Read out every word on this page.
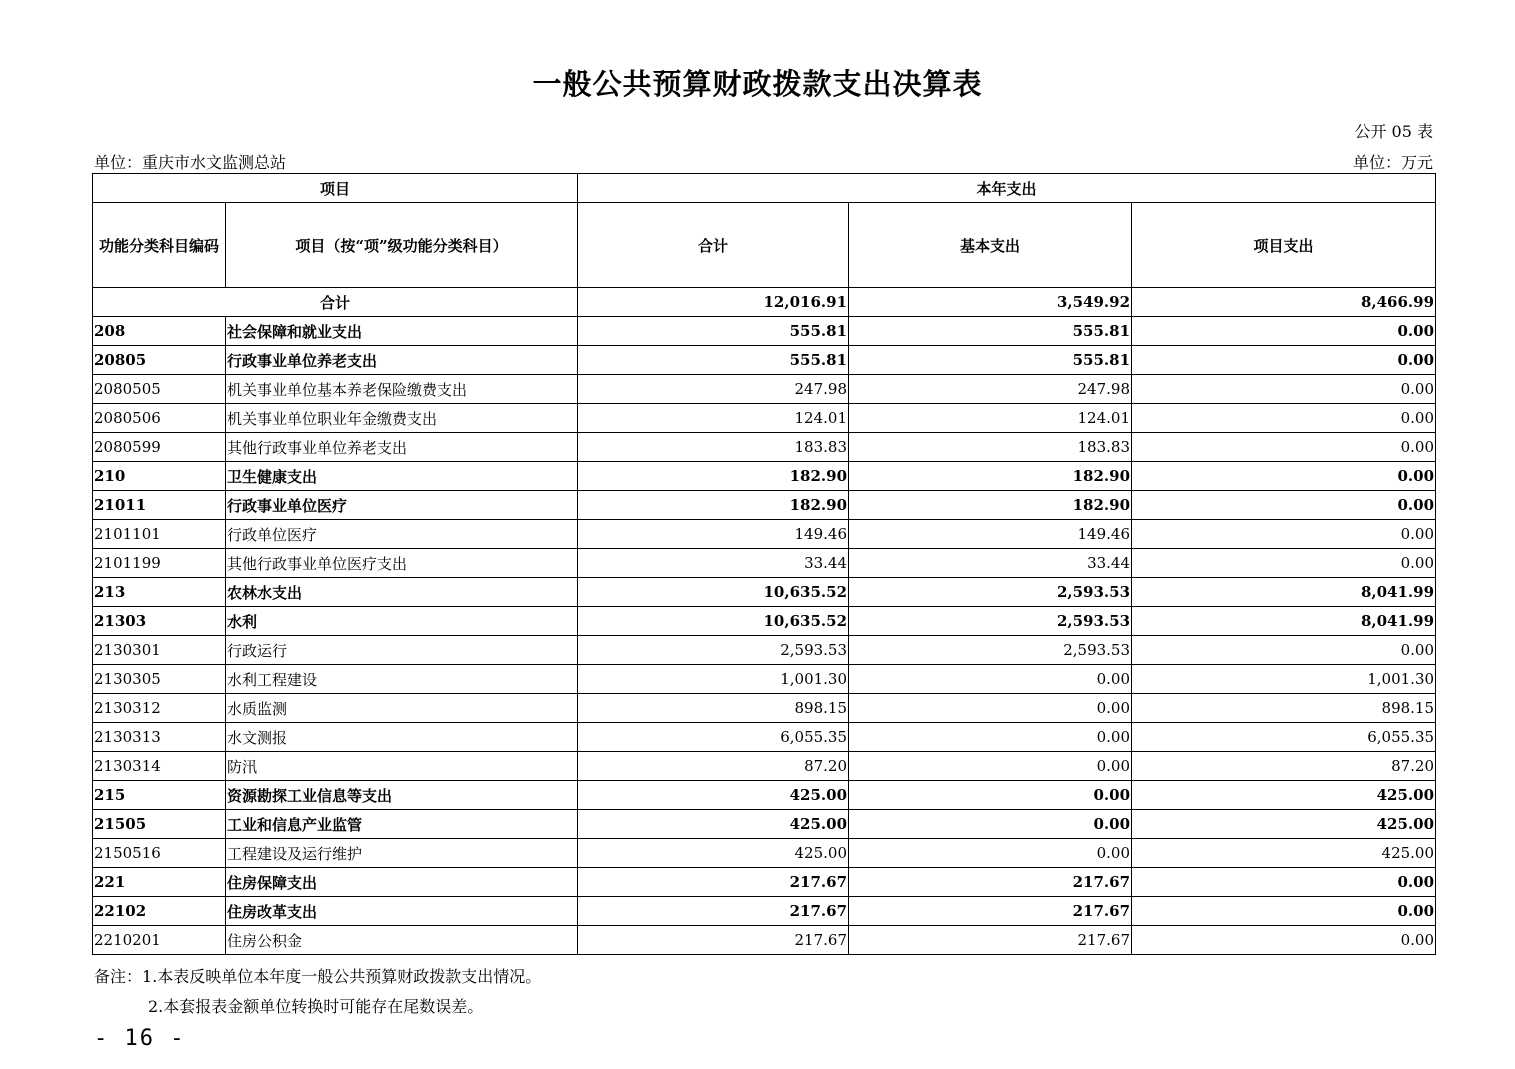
一般公共预算财政拨款支出决算表
公开 05 表
单位：重庆市水文监测总站	单位：万元
项目		本年支出		
功能分类科目编码	项目（按“项”级功能分类科目）	合计	基本支出	项目支出
合计		12,016.91	3,549.92	8,466.99
208	社会保障和就业支出	555.81	555.81	0.00
20805	行政事业单位养老支出	555.81	555.81	0.00
2080505	机关事业单位基本养老保险缴费支出	247.98	247.98	0.00
2080506	机关事业单位职业年金缴费支出	124.01	124.01	0.00
2080599	其他行政事业单位养老支出	183.83	183.83	0.00
210	卫生健康支出	182.90	182.90	0.00
21011	行政事业单位医疗	182.90	182.90	0.00
2101101	行政单位医疗	149.46	149.46	0.00
2101199	其他行政事业单位医疗支出	33.44	33.44	0.00
213	农林水支出	10,635.52	2,593.53	8,041.99
21303	水利	10,635.52	2,593.53	8,041.99
2130301	行政运行	2,593.53	2,593.53	0.00
2130305	水利工程建设	1,001.30	0.00	1,001.30
2130312	水质监测	898.15	0.00	898.15
2130313	水文测报	6,055.35	0.00	6,055.35
2130314	防汛	87.20	0.00	87.20
215	资源勘探工业信息等支出	425.00	0.00	425.00
21505	工业和信息产业监管	425.00	0.00	425.00
2150516	工程建设及运行维护	425.00	0.00	425.00
221	住房保障支出	217.67	217.67	0.00
22102	住房改革支出	217.67	217.67	0.00
2210201	住房公积金	217.67	217.67	0.00
备注：1.本表反映单位本年度一般公共预算财政拨款支出情况。
2.本套报表金额单位转换时可能存在尾数误差。
- 16 -
